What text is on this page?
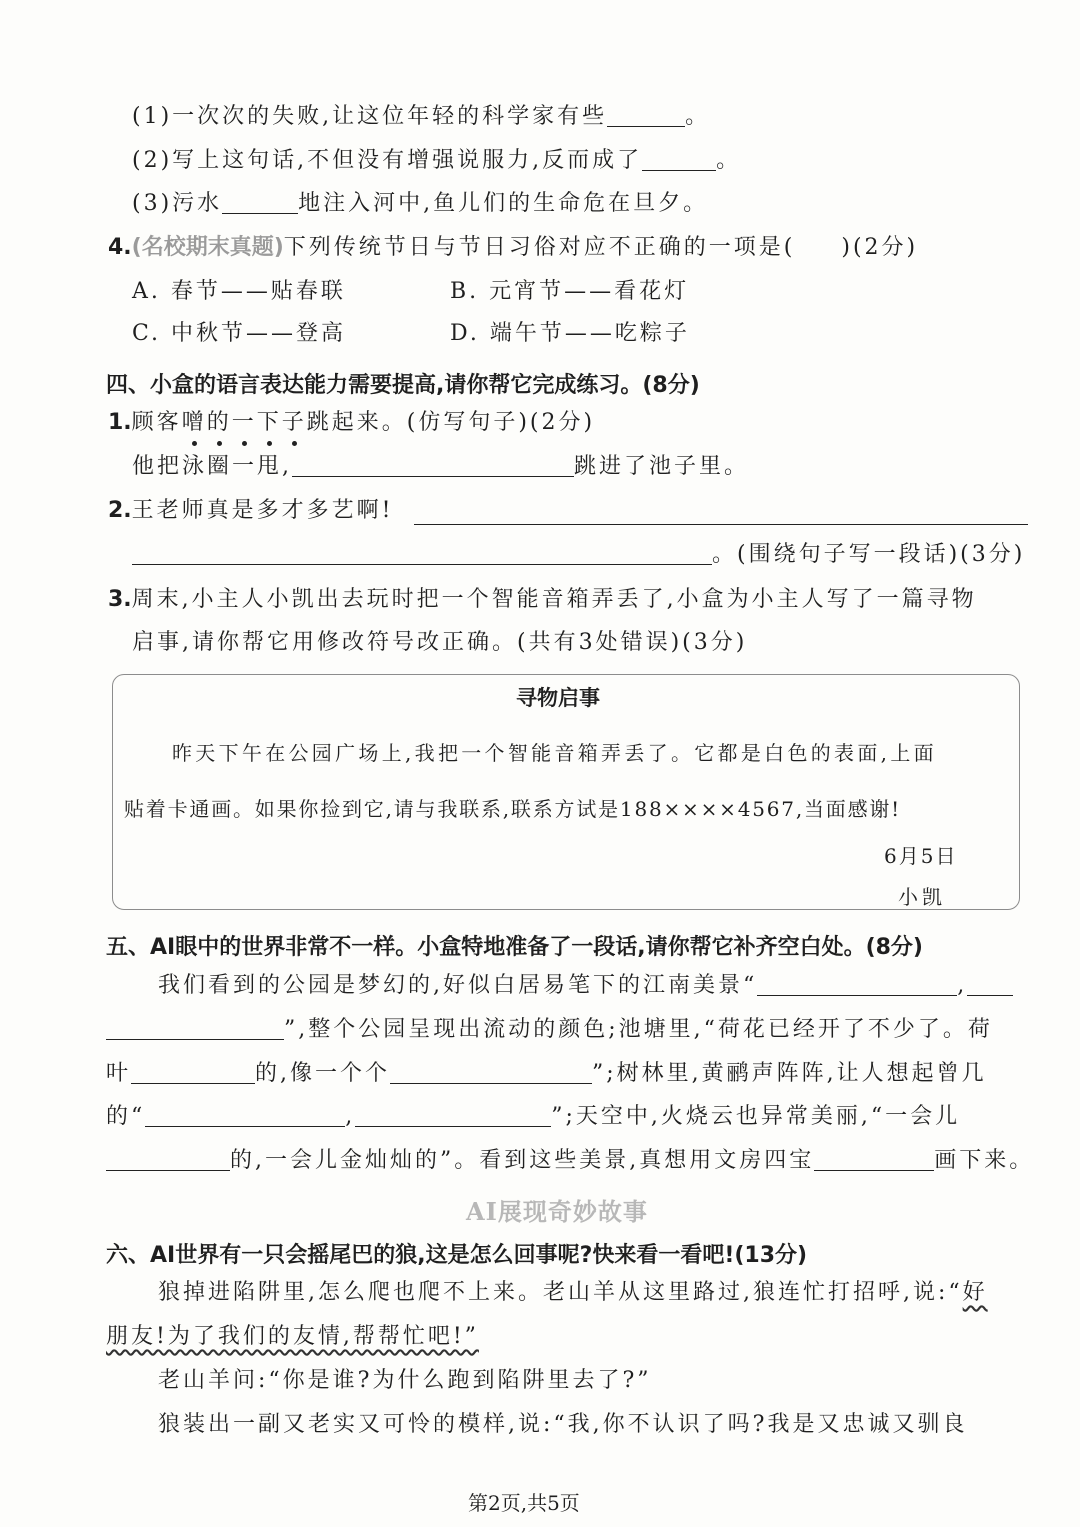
(1)一次次的失败,让这位年轻的科学家有些	。
(2)写上这句话,不但没有增强说服力,反而成了	。
(3)污水	地注入河中,鱼儿们的生命危在旦夕。
4.(名校期末真题)下列传统节日与节日习俗对应不正确的一项是( )(2分)
A. 春节——贴春联	B. 元宵节——看花灯
C. 中秋节——登高	D. 端午节——吃粽子
四、小盒的语言表达能力需要提高,请你帮它完成练习。(8分)
1.顾客噌的一下子跳起来。(仿写句子)(2分)
他把泳圈一甩,	跳进了池子里。
2.王老师真是多才多艺啊!
。(围绕句子写一段话)(3分)
3.周末,小主人小凯出去玩时把一个智能音箱弄丢了,小盒为小主人写了一篇寻物
启事,请你帮它用修改符号改正确。(共有3处错误)(3分)
寻物启事
昨天下午在公园广场上,我把一个智能音箱弄丢了。它都是白色的表面,上面
贴着卡通画。如果你捡到它,请与我联系,联系方试是188××××4567,当面感谢!
6月5日
小凯
五、AI眼中的世界非常不一样。小盒特地准备了一段话,请你帮它补齐空白处。(8分)
我们看到的公园是梦幻的,好似白居易笔下的江南美景“	,
”,整个公园呈现出流动的颜色;池塘里,“荷花已经开了不少了。荷
叶	的,像一个个	”;树林里,黄鹂声阵阵,让人想起曾几
的“	,	”;天空中,火烧云也异常美丽,“一会儿
的,一会儿金灿灿的”。看到这些美景,真想用文房四宝	画下来。
AI展现奇妙故事
六、AI世界有一只会摇尾巴的狼,这是怎么回事呢?快来看一看吧!(13分)
狼掉进陷阱里,怎么爬也爬不上来。老山羊从这里路过,狼连忙打招呼,说:“好
朋友!为了我们的友情,帮帮忙吧!”
老山羊问:“你是谁?为什么跑到陷阱里去了?”
狼装出一副又老实又可怜的模样,说:“我,你不认识了吗?我是又忠诚又驯良
第2页,共5页
